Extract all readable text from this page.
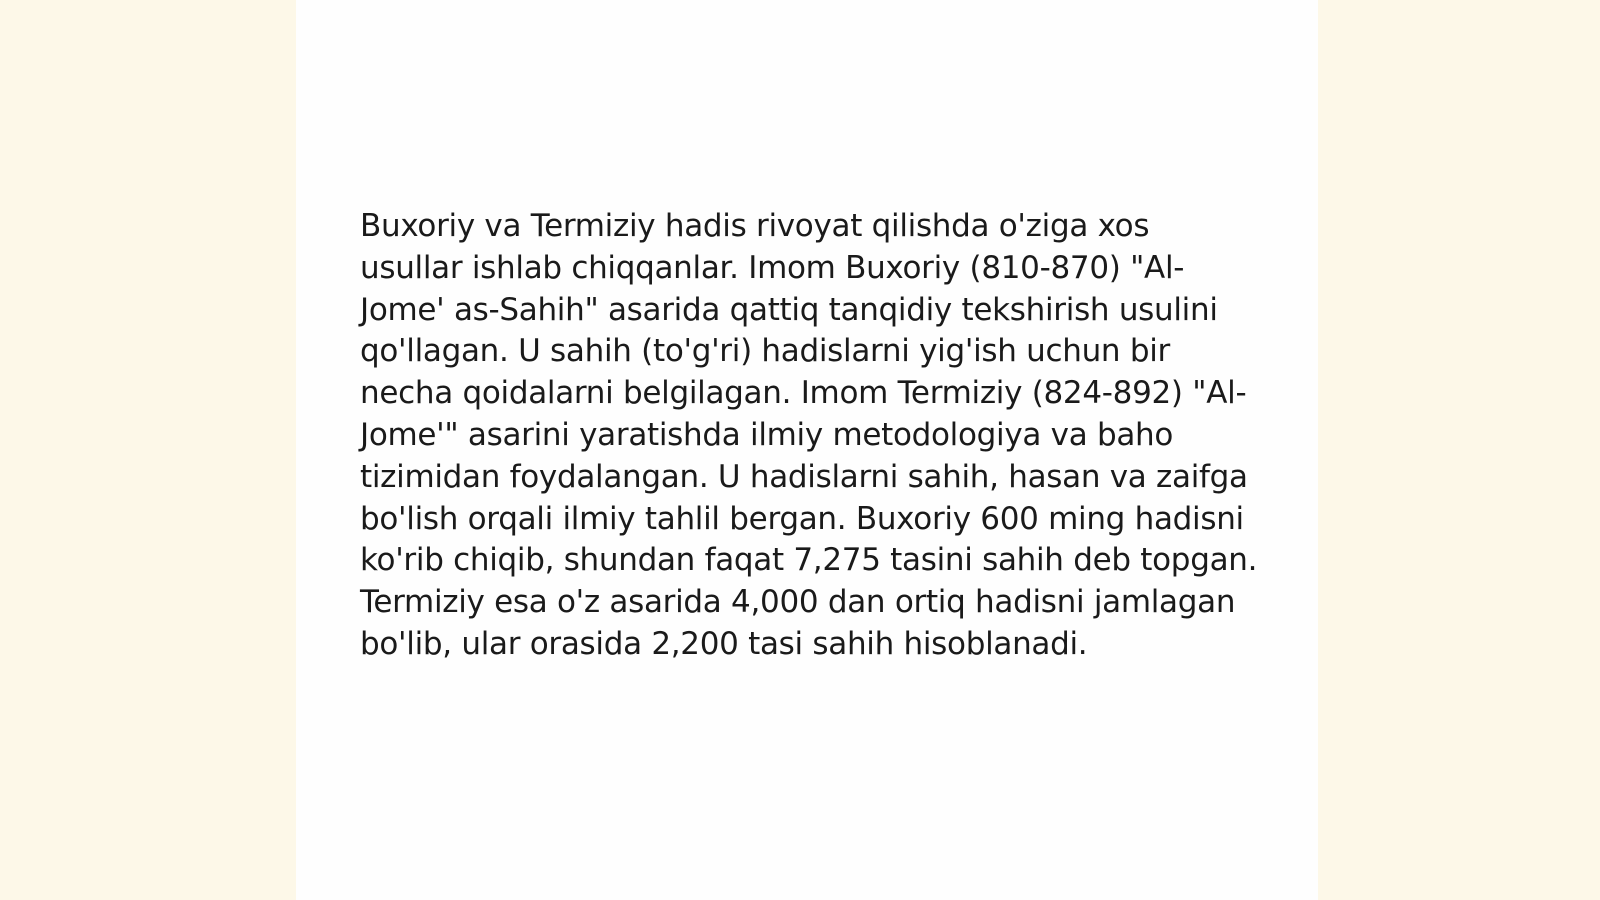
Buxoriy va Termiziy hadis rivoyat qilishda o'ziga xos usullar ishlab chiqqanlar. Imom Buxoriy (810-870) "Al-Jome' as-Sahih" asarida qattiq tanqidiy tekshirish usulini qo'llagan. U sahih (to'g'ri) hadislarni yig'ish uchun bir necha qoidalarni belgilagan. Imom Termiziy (824-892) "Al-Jome'" asarini yaratishda ilmiy metodologiya va baho tizimidan foydalangan. U hadislarni sahih, hasan va zaifga bo'lish orqali ilmiy tahlil bergan. Buxoriy 600 ming hadisni ko'rib chiqib, shundan faqat 7,275 tasini sahih deb topgan. Termiziy esa o'z asarida 4,000 dan ortiq hadisni jamlagan bo'lib, ular orasida 2,200 tasi sahih hisoblanadi.
